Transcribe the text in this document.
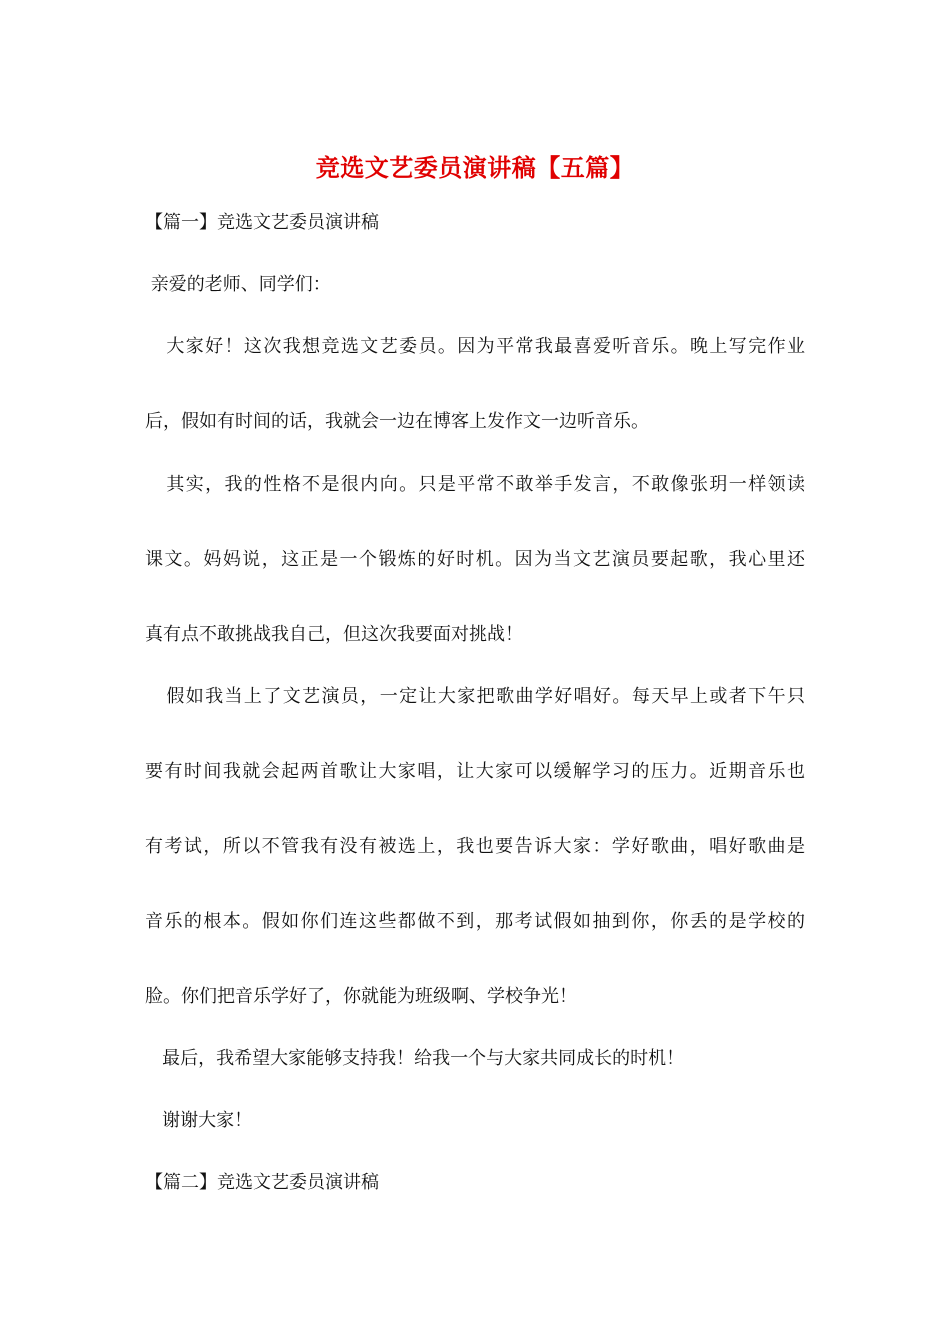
竞选文艺委员演讲稿【五篇】
【篇一】竞选文艺委员演讲稿
亲爱的老师、同学们：
大家好！这次我想竞选文艺委员。因为平常我最喜爱听音乐。晚上写完作业
后，假如有时间的话，我就会一边在博客上发作文一边听音乐。
其实，我的性格不是很内向。只是平常不敢举手发言，不敢像张玥一样领读
课文。妈妈说，这正是一个锻炼的好时机。因为当文艺演员要起歌，我心里还
真有点不敢挑战我自己，但这次我要面对挑战！
假如我当上了文艺演员，一定让大家把歌曲学好唱好。每天早上或者下午只
要有时间我就会起两首歌让大家唱，让大家可以缓解学习的压力。近期音乐也
有考试，所以不管我有没有被选上，我也要告诉大家：学好歌曲，唱好歌曲是
音乐的根本。假如你们连这些都做不到，那考试假如抽到你，你丢的是学校的
脸。你们把音乐学好了，你就能为班级啊、学校争光！
最后，我希望大家能够支持我！给我一个与大家共同成长的时机！
谢谢大家！
【篇二】竞选文艺委员演讲稿
